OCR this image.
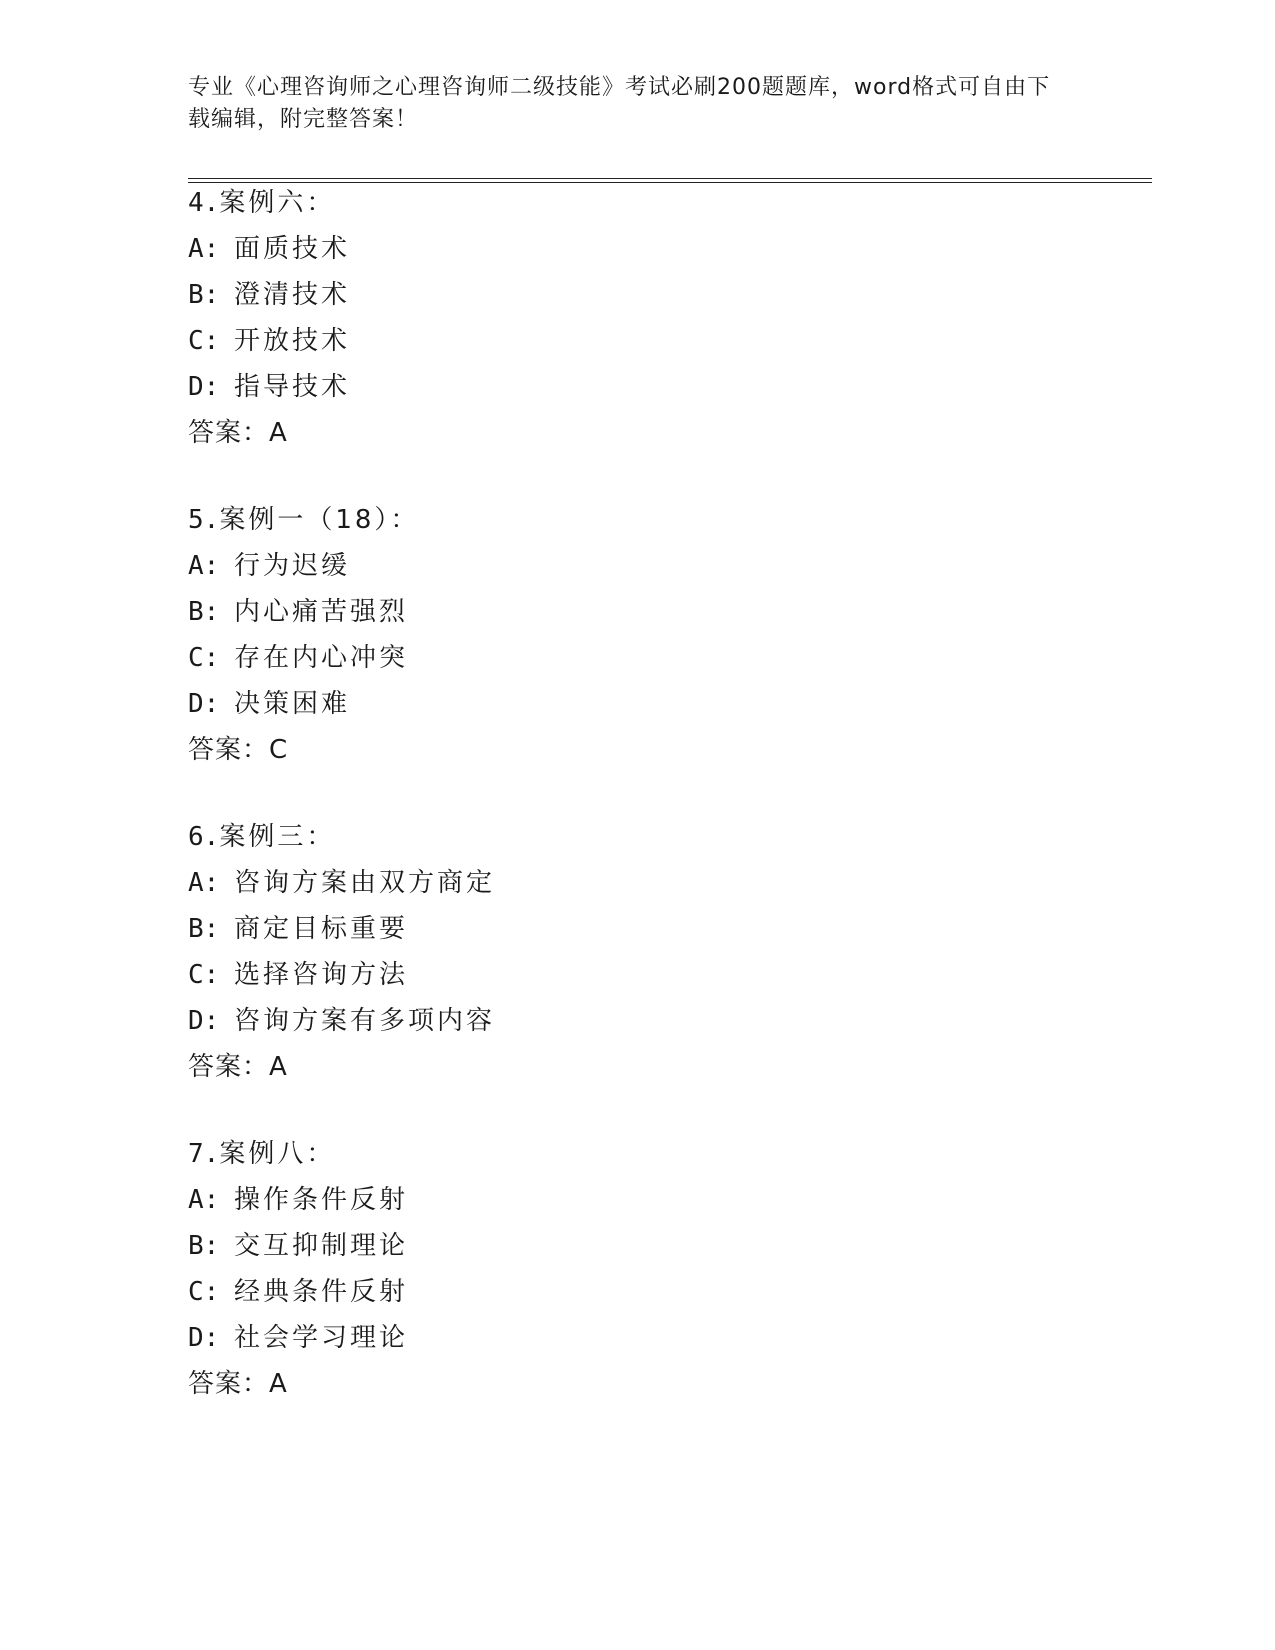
专业《心理咨询师之心理咨询师二级技能》考试必刷200题题库，word格式可自由下载编辑，附完整答案！
4.案例六：
A: 面质技术
B: 澄清技术
C: 开放技术
D: 指导技术
答案：A
5.案例一（18）：
A: 行为迟缓
B: 内心痛苦强烈
C: 存在内心冲突
D: 决策困难
答案：C
6.案例三：
A: 咨询方案由双方商定
B: 商定目标重要
C: 选择咨询方法
D: 咨询方案有多项内容
答案：A
7.案例八：
A: 操作条件反射
B: 交互抑制理论
C: 经典条件反射
D: 社会学习理论
答案：A
